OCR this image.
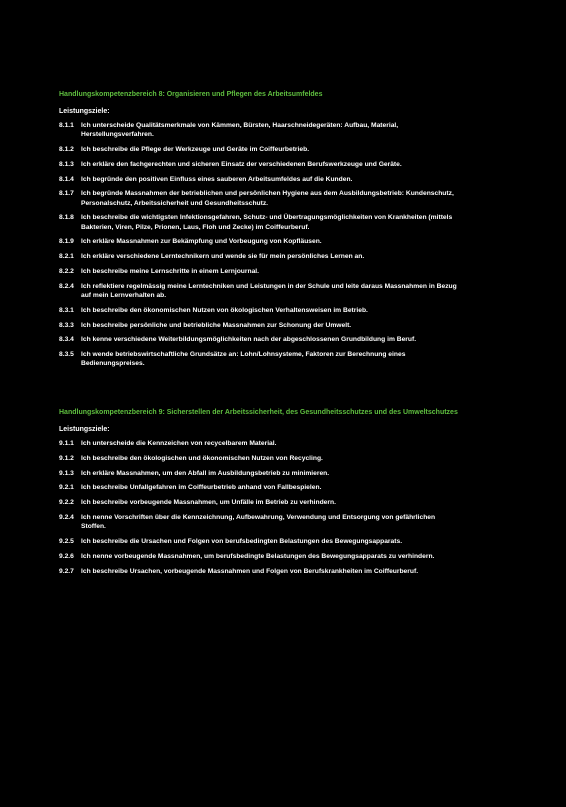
Handlungskompetenzbereich 8: Organisieren und Pflegen des Arbeitsumfeldes
Leistungsziele:
8.1.1	Ich unterscheide Qualitätsmerkmale von Kämmen, Bürsten, Haarschneidegeräten: Aufbau, Material, Herstellungsverfahren.
8.1.2	Ich beschreibe die Pflege der Werkzeuge und Geräte im Coiffeurbetrieb.
8.1.3	Ich erkläre den fachgerechten und sicheren Einsatz der verschiedenen Berufswerkzeuge und Geräte.
8.1.4	Ich begründe den positiven Einfluss eines sauberen Arbeitsumfeldes auf die Kunden.
8.1.7	Ich begründe Massnahmen der betrieblichen und persönlichen Hygiene aus dem Ausbildungsbetrieb: Kundenschutz, Personalschutz, Arbeitssicherheit und Gesundheitsschutz.
8.1.8	Ich beschreibe die wichtigsten Infektionsgefahren, Schutz- und Übertragungsmöglichkeiten von Krankheiten (mittels Bakterien, Viren, Pilze, Prionen, Laus, Floh und Zecke) im Coiffeurberuf.
8.1.9	Ich erkläre Massnahmen zur Bekämpfung und Vorbeugung von Kopfläusen.
8.2.1	Ich erkläre verschiedene Lerntechnikern und wende sie für mein persönliches Lernen an.
8.2.2	Ich beschreibe meine Lernschritte in einem Lernjournal.
8.2.4	Ich reflektiere regelmässig meine Lerntechniken und Leistungen in der Schule und leite daraus Massnahmen in Bezug auf mein Lernverhalten ab.
8.3.1	Ich beschreibe den ökonomischen Nutzen von ökologischen Verhaltensweisen im Betrieb.
8.3.3	Ich beschreibe persönliche und betriebliche Massnahmen zur Schonung der Umwelt.
8.3.4	Ich kenne verschiedene Weiterbildungsmöglichkeiten nach der abgeschlossenen Grundbildung im Beruf.
8.3.5	Ich wende betriebswirtschaftliche Grundsätze an: Lohn/Lohnsysteme, Faktoren zur Berechnung eines Bedienungspreises.
Handlungskompetenzbereich 9: Sicherstellen der Arbeitssicherheit, des Gesundheitsschutzes und des Umweltschutzes
Leistungsziele:
9.1.1	Ich unterscheide die Kennzeichen von recycelbarem Material.
9.1.2	Ich beschreibe den ökologischen und ökonomischen Nutzen von Recycling.
9.1.3	Ich erkläre Massnahmen, um den Abfall im Ausbildungsbetrieb zu minimieren.
9.2.1	Ich beschreibe Unfallgefahren im Coiffeurbetrieb anhand von Fallbespielen.
9.2.2	Ich beschreibe vorbeugende Massnahmen, um Unfälle im Betrieb zu verhindern.
9.2.4	Ich nenne Vorschriften über die Kennzeichnung, Aufbewahrung, Verwendung und Entsorgung von gefährlichen Stoffen.
9.2.5	Ich beschreibe die Ursachen und Folgen von berufsbedingten Belastungen des Bewegungsapparats.
9.2.6	Ich nenne vorbeugende Massnahmen, um berufsbedingte Belastungen des Bewegungsapparats zu verhindern.
9.2.7	Ich beschreibe Ursachen, vorbeugende Massnahmen und Folgen von Berufskrankheiten im Coiffeurberuf.
